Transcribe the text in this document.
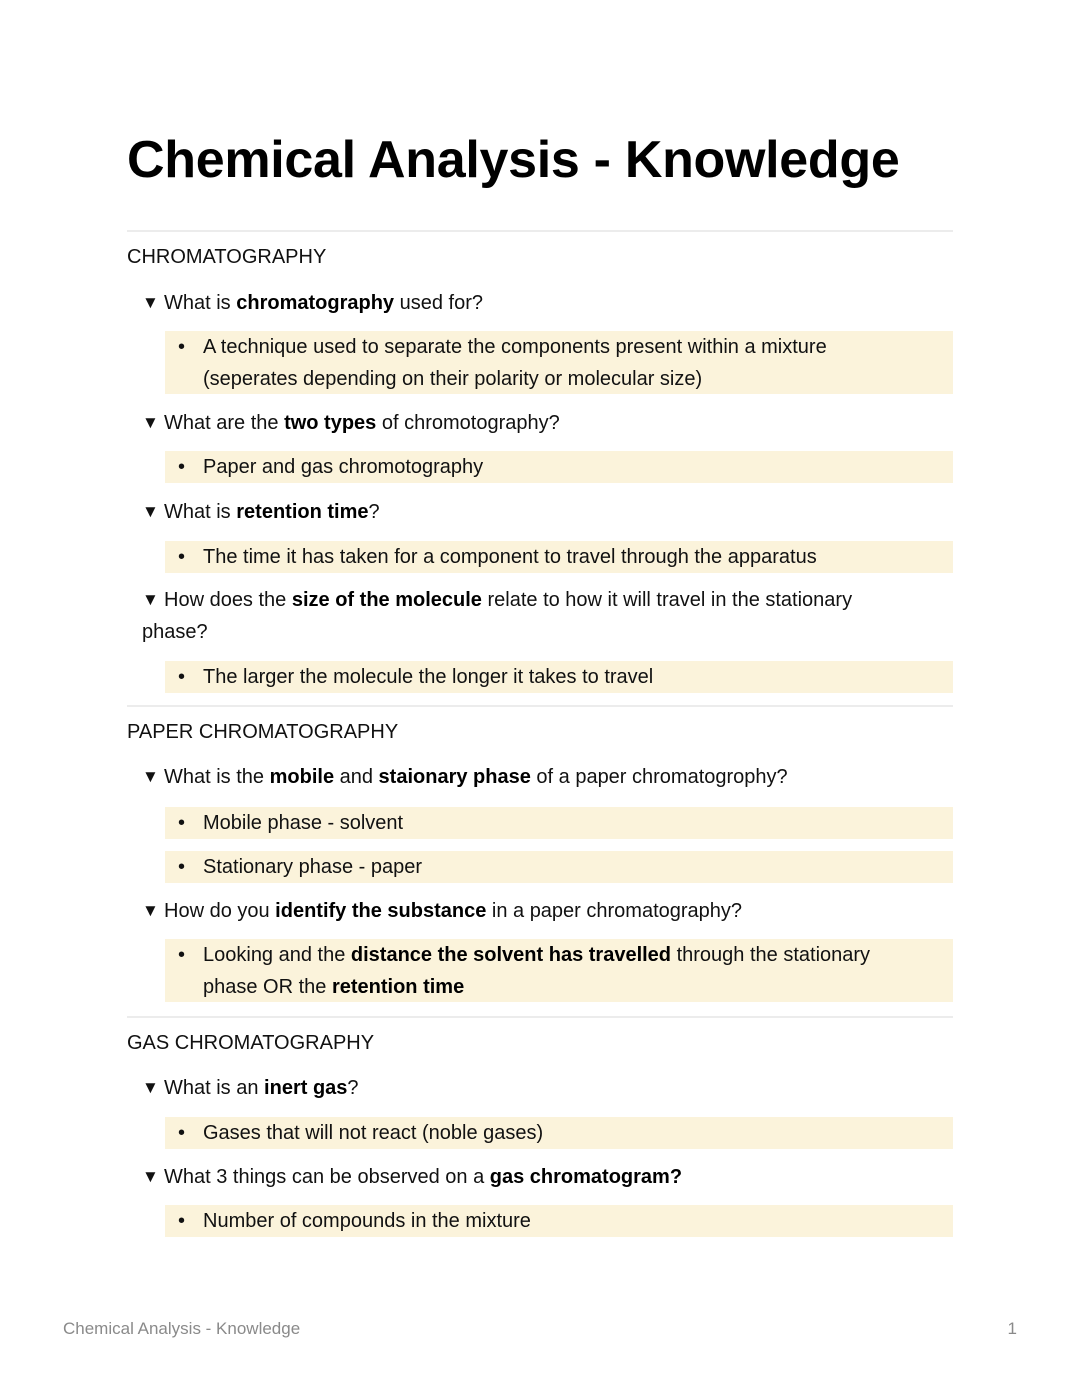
Chemical Analysis - Knowledge
CHROMATOGRAPHY
▼ What is chromatography used for?
• A technique used to separate the components present within a mixture (seperates depending on their polarity or molecular size)
▼ What are the two types of chromotography?
• Paper and gas chromotography
▼ What is retention time?
• The time it has taken for a component to travel through the apparatus
▼ How does the size of the molecule relate to how it will travel in the stationary phase?
• The larger the molecule the longer it takes to travel
PAPER CHROMATOGRAPHY
▼ What is the mobile and staionary phase of a paper chromatogrophy?
• Mobile phase - solvent
• Stationary phase - paper
▼ How do you identify the substance in a paper chromatography?
• Looking and the distance the solvent has travelled through the stationary phase OR the retention time
GAS CHROMATOGRAPHY
▼ What is an inert gas?
• Gases that will not react (noble gases)
▼ What 3 things can be observed on a gas chromatogram?
• Number of compounds in the mixture
Chemical Analysis - Knowledge	1
